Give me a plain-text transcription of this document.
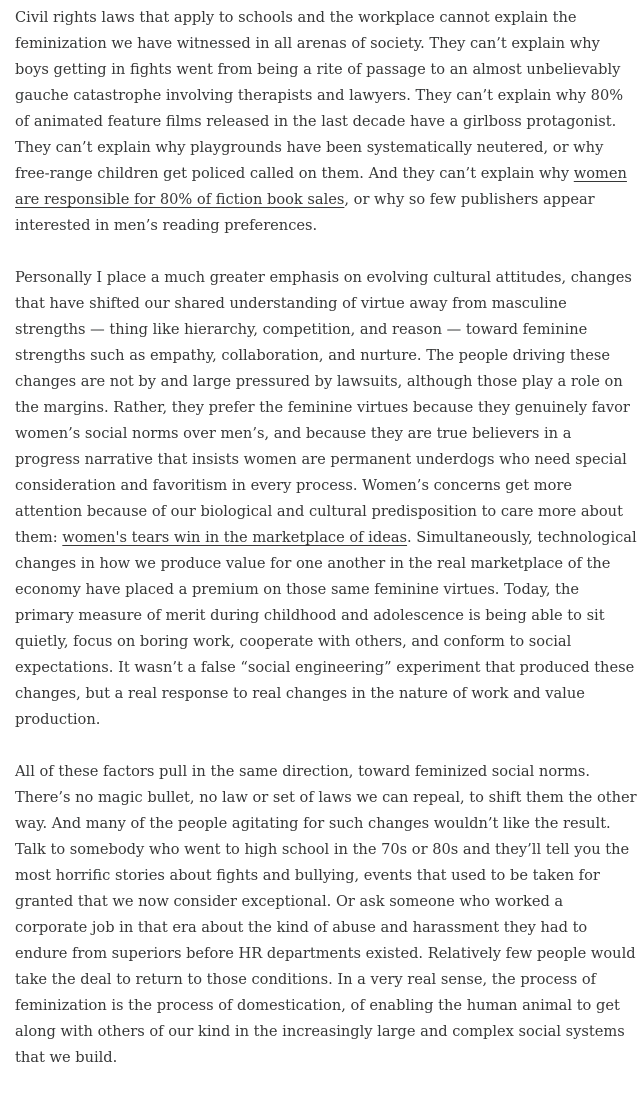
Civil rights laws that apply to schools and the workplace cannot explain the feminization we have witnessed in all arenas of society. They can’t explain why boys getting in fights went from being a rite of passage to an almost unbelievably gauche catastrophe involving therapists and lawyers. They can’t explain why 80% of animated feature films released in the last decade have a girlboss protagonist. They can’t explain why playgrounds have been systematically neutered, or why free-range children get policed called on them. And they can’t explain why women are responsible for 80% of fiction book sales, or why so few publishers appear interested in men’s reading preferences.

Personally I place a much greater emphasis on evolving cultural attitudes, changes that have shifted our shared understanding of virtue away from masculine strengths — thing like hierarchy, competition, and reason — toward feminine strengths such as empathy, collaboration, and nurture. The people driving these changes are not by and large pressured by lawsuits, although those play a role on the margins. Rather, they prefer the feminine virtues because they genuinely favor women’s social norms over men’s, and because they are true believers in a progress narrative that insists women are permanent underdogs who need special consideration and favoritism in every process. Women’s concerns get more attention because of our biological and cultural predisposition to care more about them: women's tears win in the marketplace of ideas. Simultaneously, technological changes in how we produce value for one another in the real marketplace of the economy have placed a premium on those same feminine virtues. Today, the primary measure of merit during childhood and adolescence is being able to sit quietly, focus on boring work, cooperate with others, and conform to social expectations. It wasn’t a false “social engineering” experiment that produced these changes, but a real response to real changes in the nature of work and value production.

All of these factors pull in the same direction, toward feminized social norms. There’s no magic bullet, no law or set of laws we can repeal, to shift them the other way. And many of the people agitating for such changes wouldn’t like the result. Talk to somebody who went to high school in the 70s or 80s and they’ll tell you the most horrific stories about fights and bullying, events that used to be taken for granted that we now consider exceptional. Or ask someone who worked a corporate job in that era about the kind of abuse and harassment they had to endure from superiors before HR departments existed. Relatively few people would take the deal to return to those conditions. In a very real sense, the process of feminization is the process of domestication, of enabling the human animal to get along with others of our kind in the increasingly large and complex social systems that we build.
